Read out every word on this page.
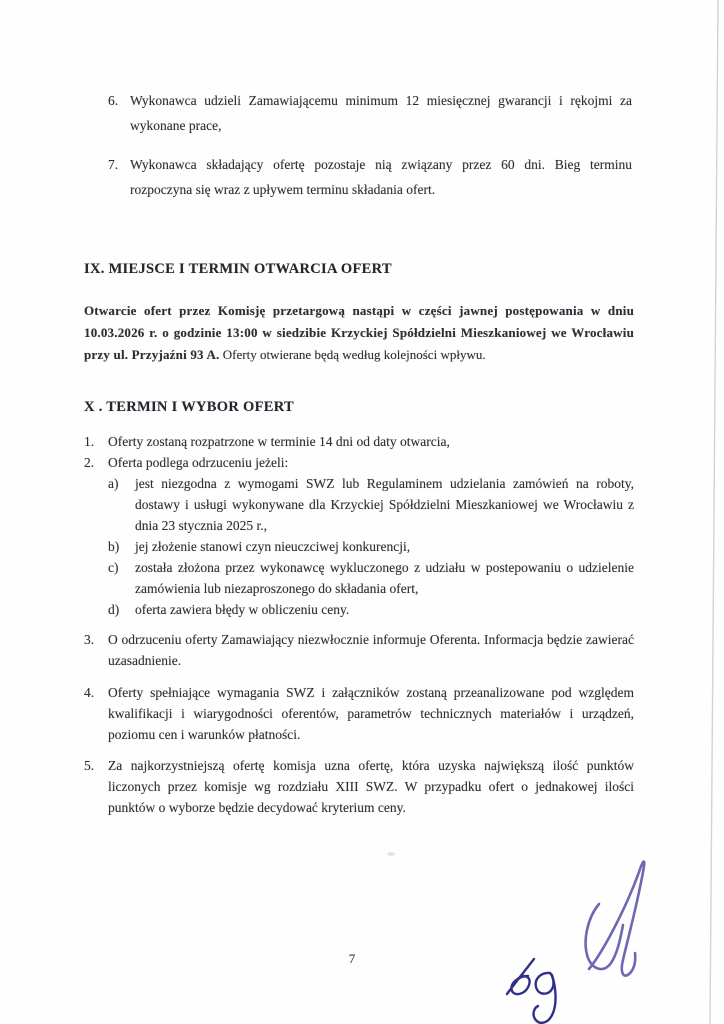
6. Wykonawca udzieli Zamawiającemu minimum 12 miesięcznej gwarancji i rękojmi za wykonane prace,
7. Wykonawca składający ofertę pozostaje nią związany przez 60 dni. Bieg terminu rozpoczyna się wraz z upływem terminu składania ofert.
IX. MIEJSCE I TERMIN OTWARCIA OFERT

Otwarcie ofert przez Komisję przetargową nastąpi w części jawnej postępowania w dniu 10.03.2026 r. o godzinie 13:00 w siedzibie Krzyckiej Spółdzielni Mieszkaniowej we Wrocławiu przy ul. Przyjaźni 93 A. Oferty otwierane będą według kolejności wpływu.

X . TERMIN I WYBOR OFERT
1.	Oferty zostaną rozpatrzone w terminie 14 dni od daty otwarcia,
2.	Oferta podlega odrzuceniu jeżeli:
a)	jest niezgodna z wymogami SWZ lub Regulaminem udzielania zamówień na roboty, dostawy i usługi wykonywane dla Krzyckiej Spółdzielni Mieszkaniowej we Wrocławiu z dnia 23 stycznia 2025 r.,
b)	jej złożenie stanowi czyn nieuczciwej konkurencji,
c)	została złożona przez wykonawcę wykluczonego z udziału w postepowaniu o udzielenie zamówienia lub niezaproszonego do składania ofert,
d)	oferta zawiera błędy w obliczeniu ceny.
3.	O odrzuceniu oferty Zamawiający niezwłocznie informuje Oferenta. Informacja będzie zawierać uzasadnienie.
4.	Oferty spełniające wymagania SWZ i załączników zostaną przeanalizowane pod względem kwalifikacji i wiarygodności oferentów, parametrów technicznych materiałów i urządzeń, poziomu cen i warunków płatności.
5.	Za najkorzystniejszą ofertę komisja uzna ofertę, która uzyska największą ilość punktów liczonych przez komisje wg rozdziału XIII SWZ. W przypadku ofert o jednakowej ilości punktów o wyborze będzie decydować kryterium ceny.
7
